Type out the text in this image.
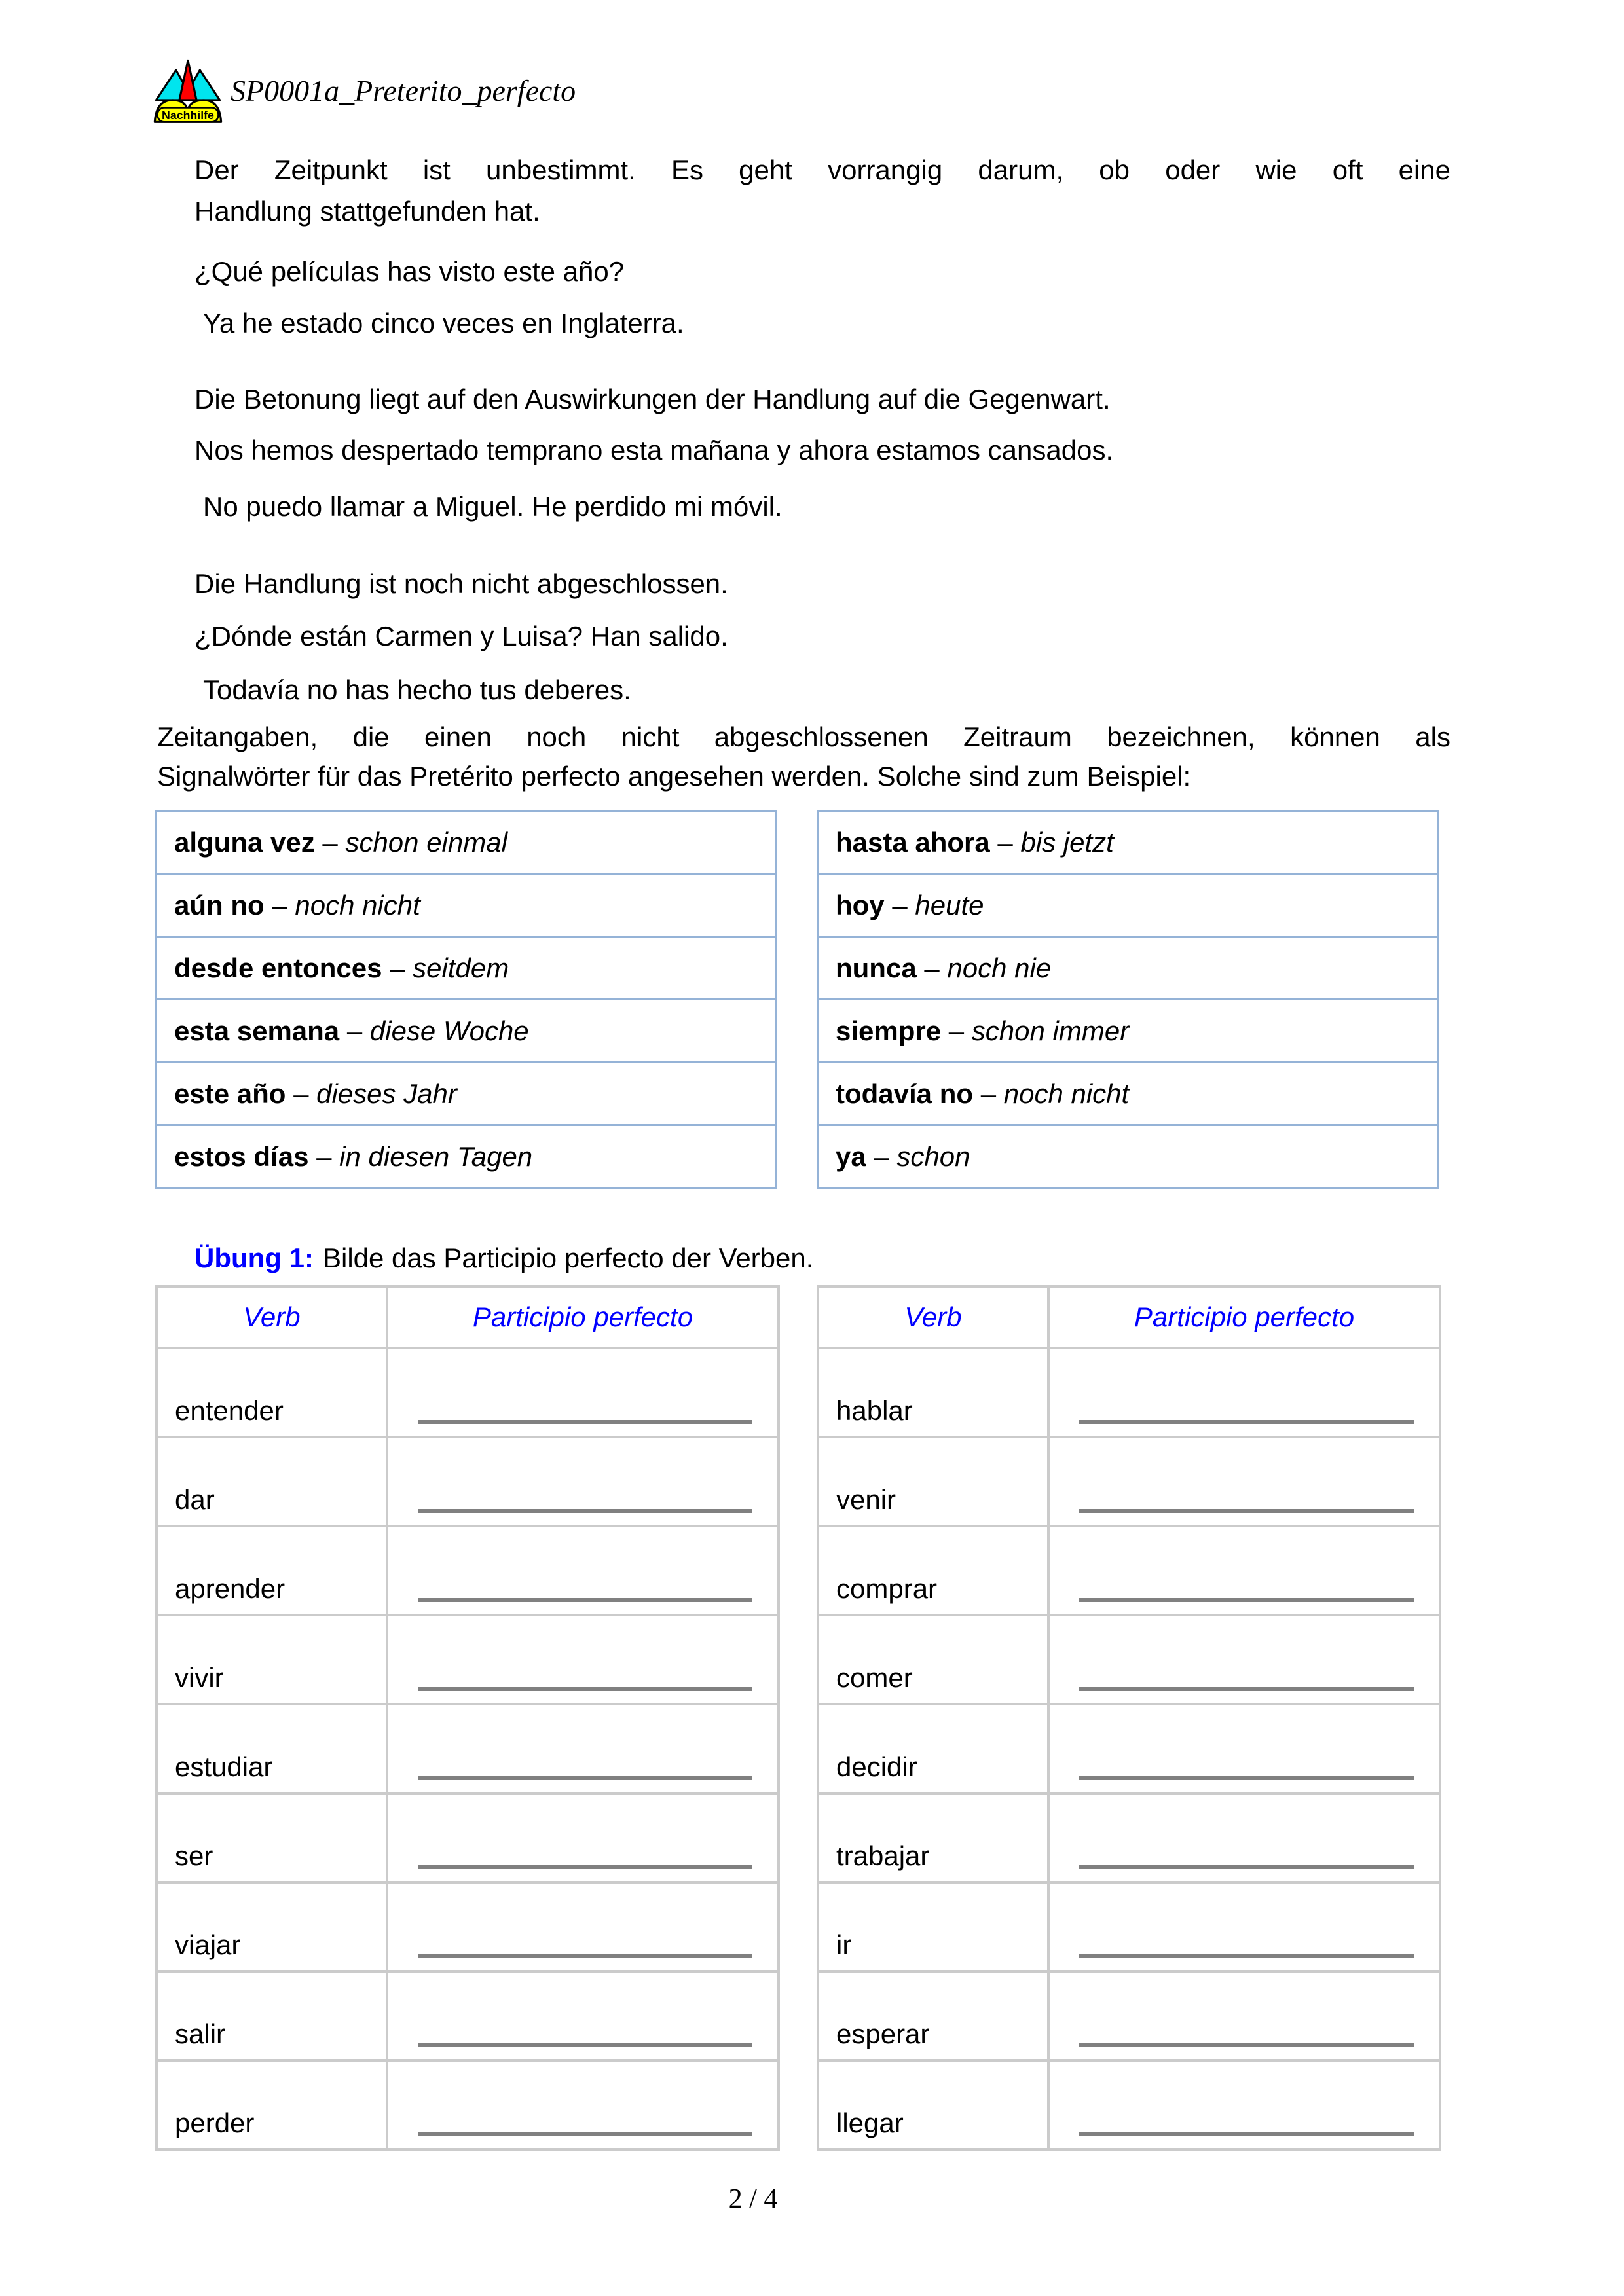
Nachhilfe
SP0001a_Preterito_perfecto
Der Zeitpunkt ist unbestimmt. Es geht vorrangig darum, ob oder wie oft eine
Handlung stattgefunden hat.
¿Qué películas has visto este año?
Ya he estado cinco veces en Inglaterra.
Die Betonung liegt auf den Auswirkungen der Handlung auf die Gegenwart.
Nos hemos despertado temprano esta mañana y ahora estamos cansados.
No puedo llamar a Miguel. He perdido mi móvil.
Die Handlung ist noch nicht abgeschlossen.
¿Dónde están Carmen y Luisa? Han salido.
Todavía no has hecho tus deberes.
Zeitangaben, die einen noch nicht abgeschlossenen Zeitraum bezeichnen, können als
Signalwörter für das Pretérito perfecto angesehen werden. Solche sind zum Beispiel:
alguna vez – schon einmal
aún no – noch nicht
desde entonces – seitdem
esta semana – diese Woche
este año – dieses Jahr
estos días – in diesen Tagen
hasta ahora – bis jetzt
hoy – heute
nunca – noch nie
siempre – schon immer
todavía no – noch nicht
ya – schon
Übung 1: Bilde das Participio perfecto der Verben.
Verb	Participio perfecto
entender	

dar	

aprender	

vivir	

estudiar	

ser	

viajar	

salir	

perder	
Verb	Participio perfecto
hablar	

venir	

comprar	

comer	

decidir	

trabajar	

ir	

esperar	

llegar	
2 / 4
